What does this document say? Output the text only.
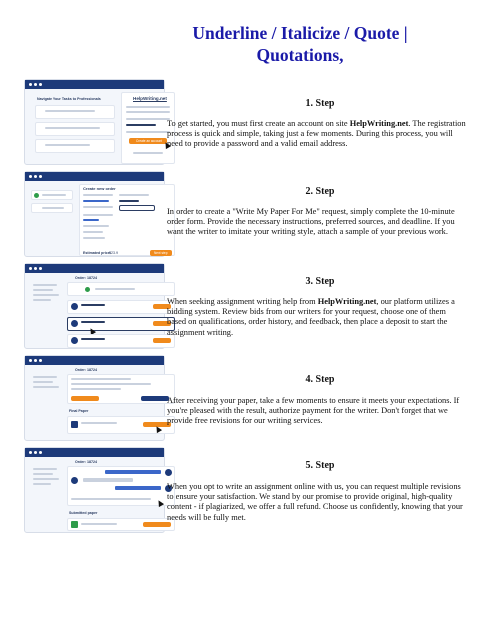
Underline / Italicize / Quote | Quotations,
Navigate Your Tasks to Professionals	HelpWriting.net
Create an account
1. Step
To get started, you must first create an account on site HelpWriting.net. The registration process is quick and simple, taking just a few moments. During this process, you will need to provide a password and a valid email address.
Create new order
Estimated price:
$23.9	Next step
2. Step
In order to create a "Write My Paper For Me" request, simply complete the 10-minute order form. Provide the necessary instructions, preferred sources, and deadline. If you want the writer to imitate your writing style, attach a sample of your previous work.
Order: 18724	3. Step
When seeking assignment writing help from HelpWriting.net, our platform utilizes a bidding system. Review bids from our writers for your request, choose one of them based on qualifications, order history, and feedback, then place a deposit to start the assignment writing.
Order: 18724
Final Paper
4. Step
After receiving your paper, take a few moments to ensure it meets your expectations. If you're pleased with the result, authorize payment for the writer. Don't forget that we provide free revisions for our writing services.
Order: 18724
Submitted paper
5. Step
When you opt to write an assignment online with us, you can request multiple revisions to ensure your satisfaction. We stand by our promise to provide original, high-quality content - if plagiarized, we offer a full refund. Choose us confidently, knowing that your needs will be fully met.
